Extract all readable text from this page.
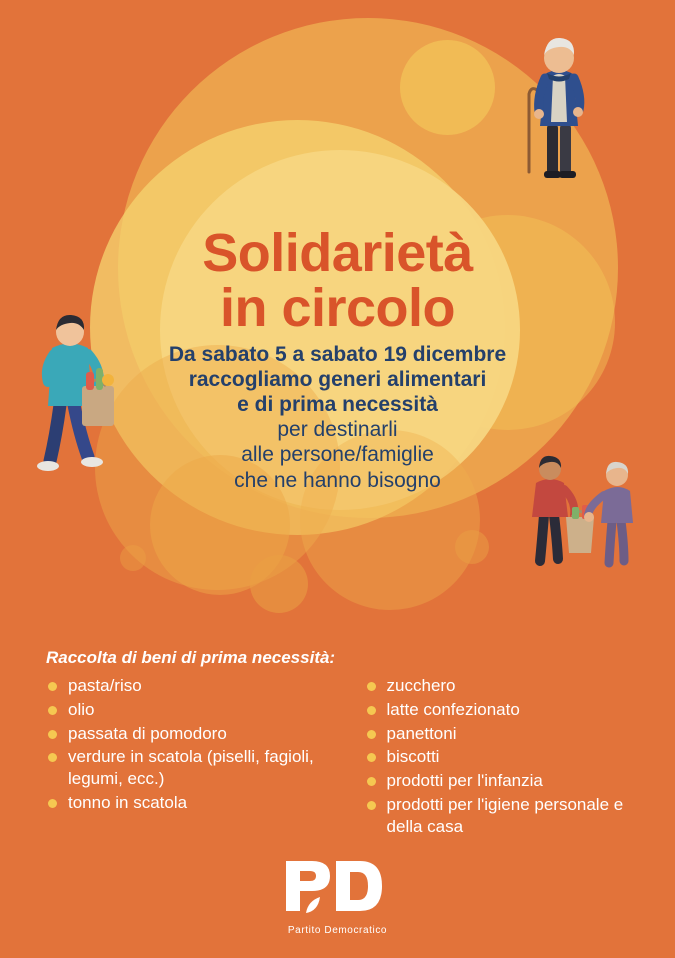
Solidarietà
in circolo
Da sabato 5 a sabato 19 dicembre
raccogliamo generi alimentari
e di prima necessità
per destinarli
alle persone/famiglie
che ne hanno bisogno
Raccolta di beni di prima necessità:
pasta/riso
olio
passata di pomodoro
verdure in scatola (piselli, fagioli, legumi, ecc.)
tonno in scatola
zucchero
latte confezionato
panettoni
biscotti
prodotti per l'infanzia
prodotti per l'igiene personale e della casa
Partito Democratico
